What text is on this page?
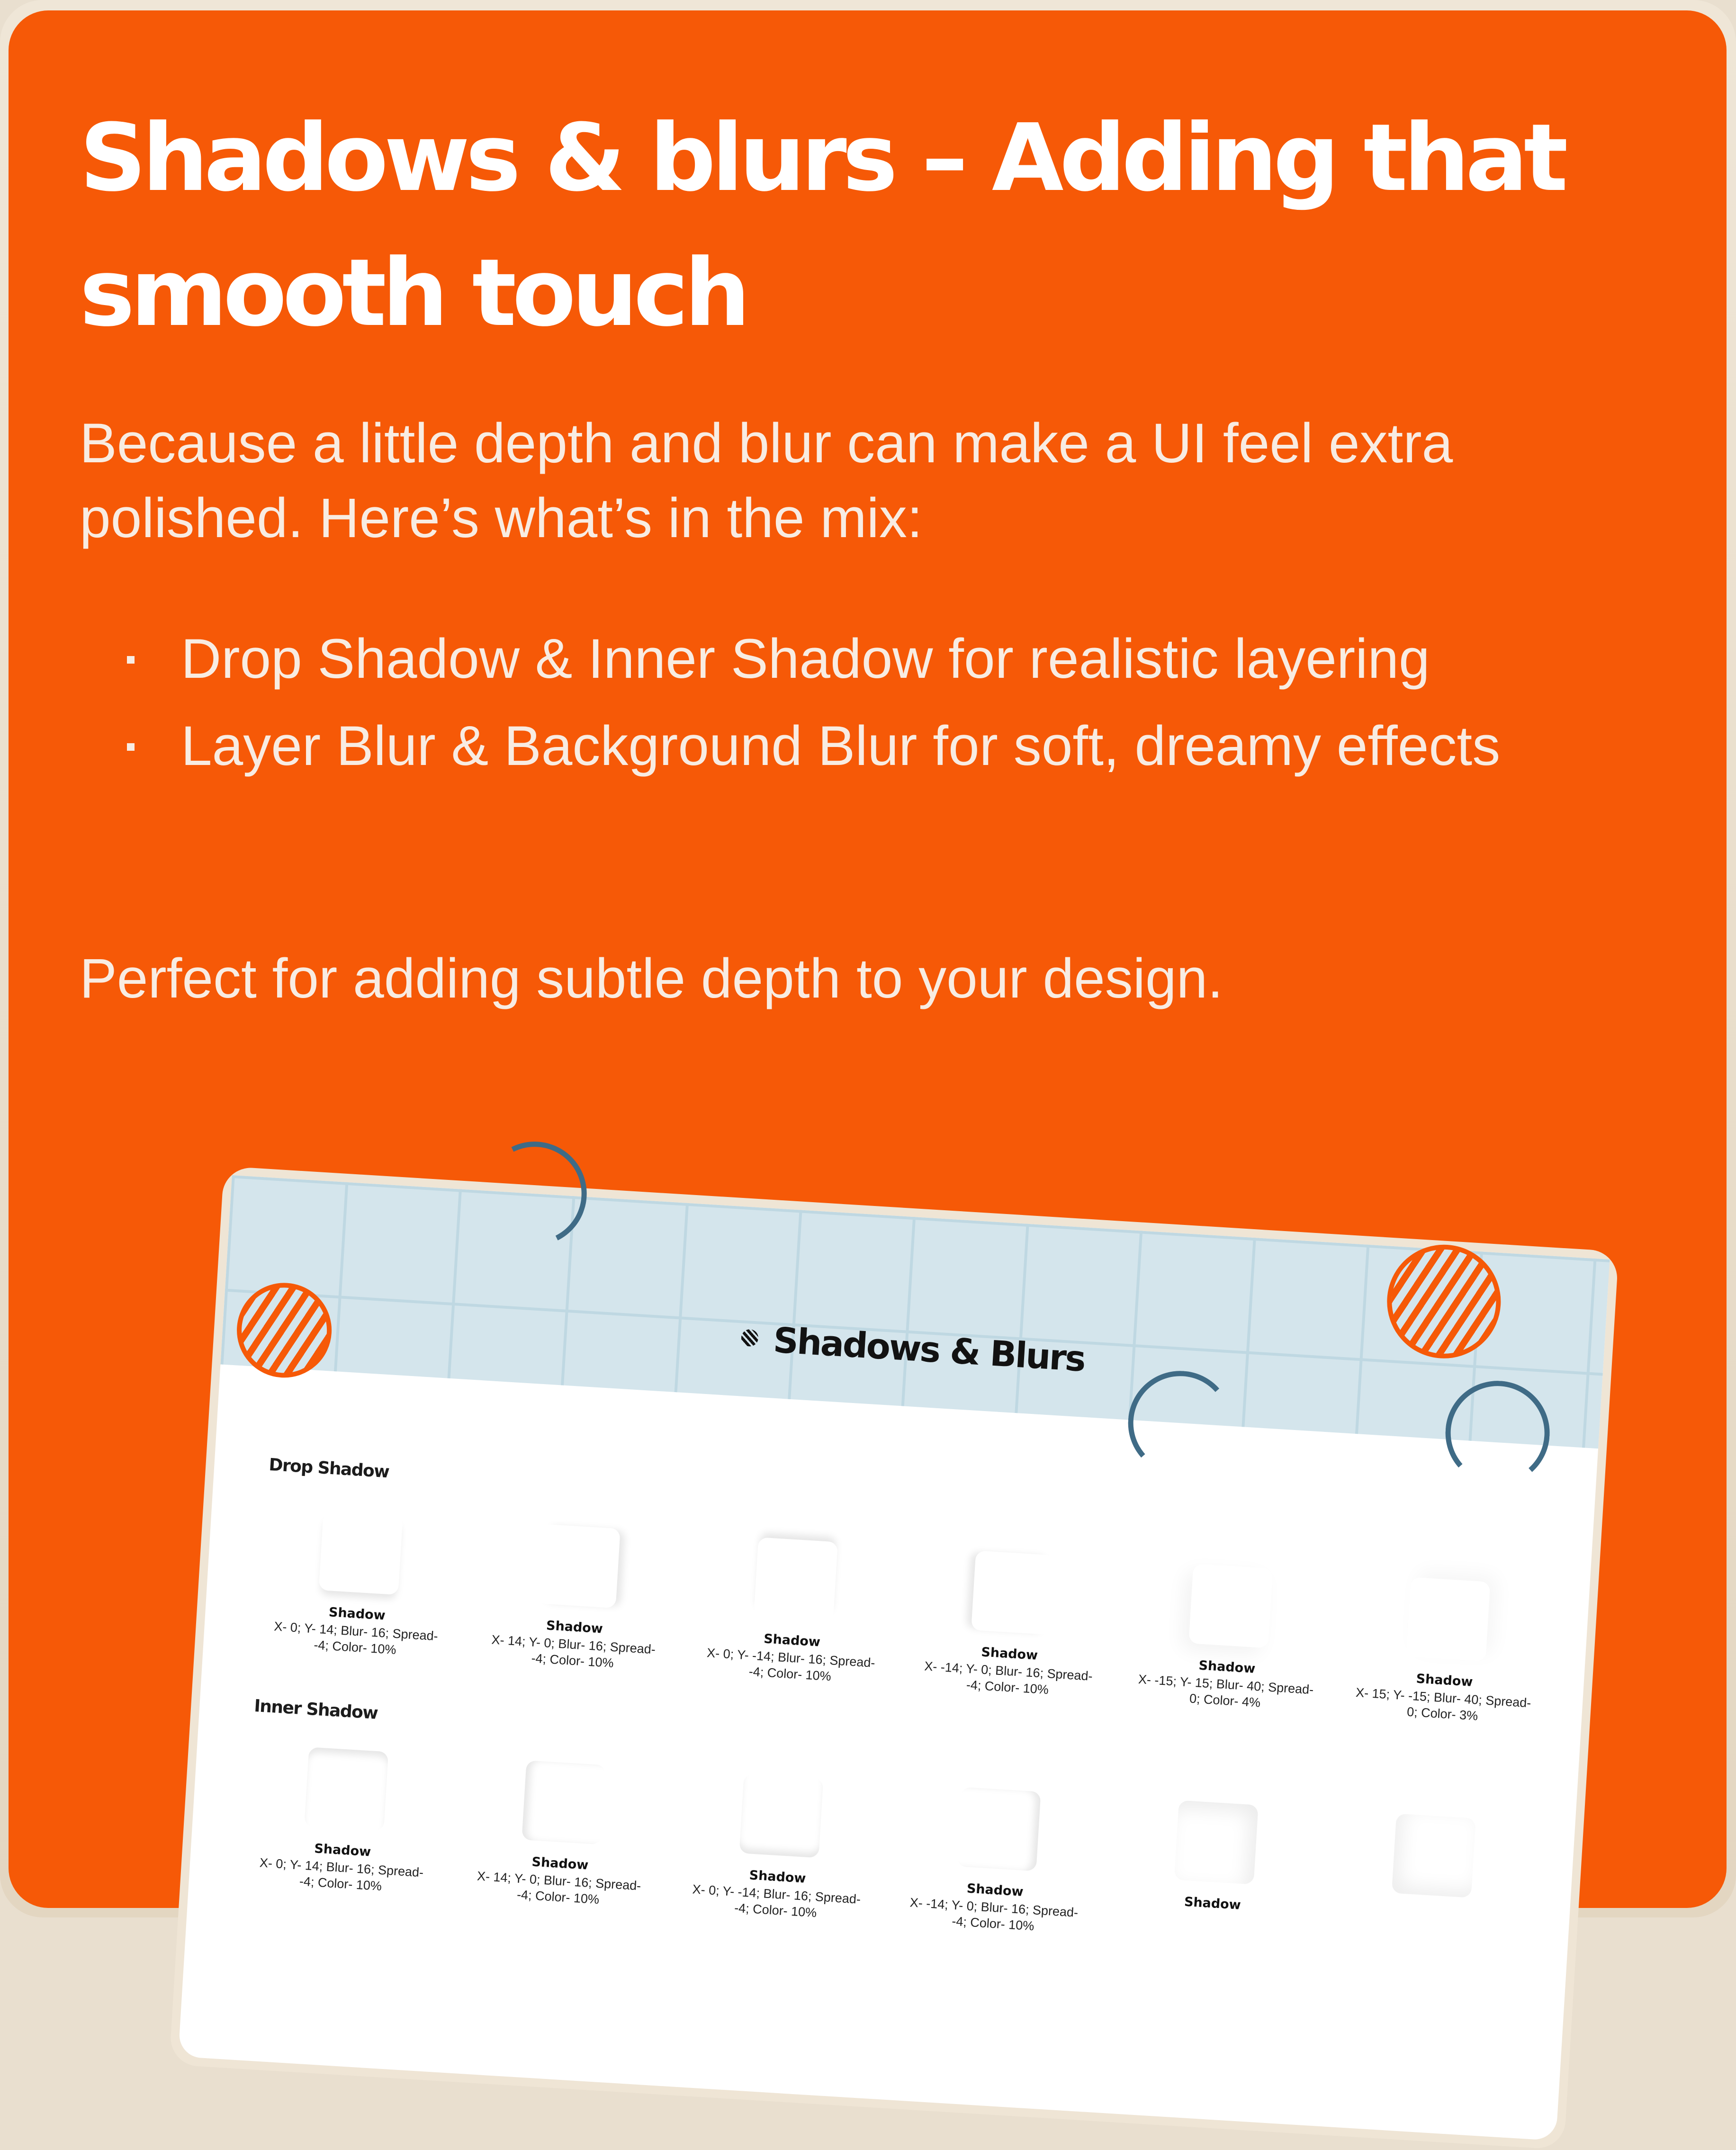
Shadows & blurs – Adding that smooth touch

Because a little depth and blur can make a UI feel extra polished. Here’s what’s in the mix:

Drop Shadow & Inner Shadow for realistic layering
Layer Blur & Background Blur for soft, dreamy effects

Perfect for adding subtle depth to your design.

Shadows & Blurs
Drop Shadow
Shadow
X- 0; Y- 14; Blur- 16; Spread- -4; Color- 10%
Shadow
X- 14; Y- 0; Blur- 16; Spread- -4; Color- 10%
Shadow
X- 0; Y- -14; Blur- 16; Spread- -4; Color- 10%
Shadow
X- -14; Y- 0; Blur- 16; Spread- -4; Color- 10%
Shadow
X- -15; Y- 15; Blur- 40; Spread- 0; Color- 4%
Shadow
X- 15; Y- -15; Blur- 40; Spread- 0; Color- 3%
Inner Shadow
Shadow
X- 0; Y- 14; Blur- 16; Spread- -4; Color- 10%
Shadow
X- 14; Y- 0; Blur- 16; Spread- -4; Color- 10%
Shadow
X- 0; Y- -14; Blur- 16; Spread- -4; Color- 10%
Shadow
X- -14; Y- 0; Blur- 16; Spread- -4; Color- 10%
Shadow
